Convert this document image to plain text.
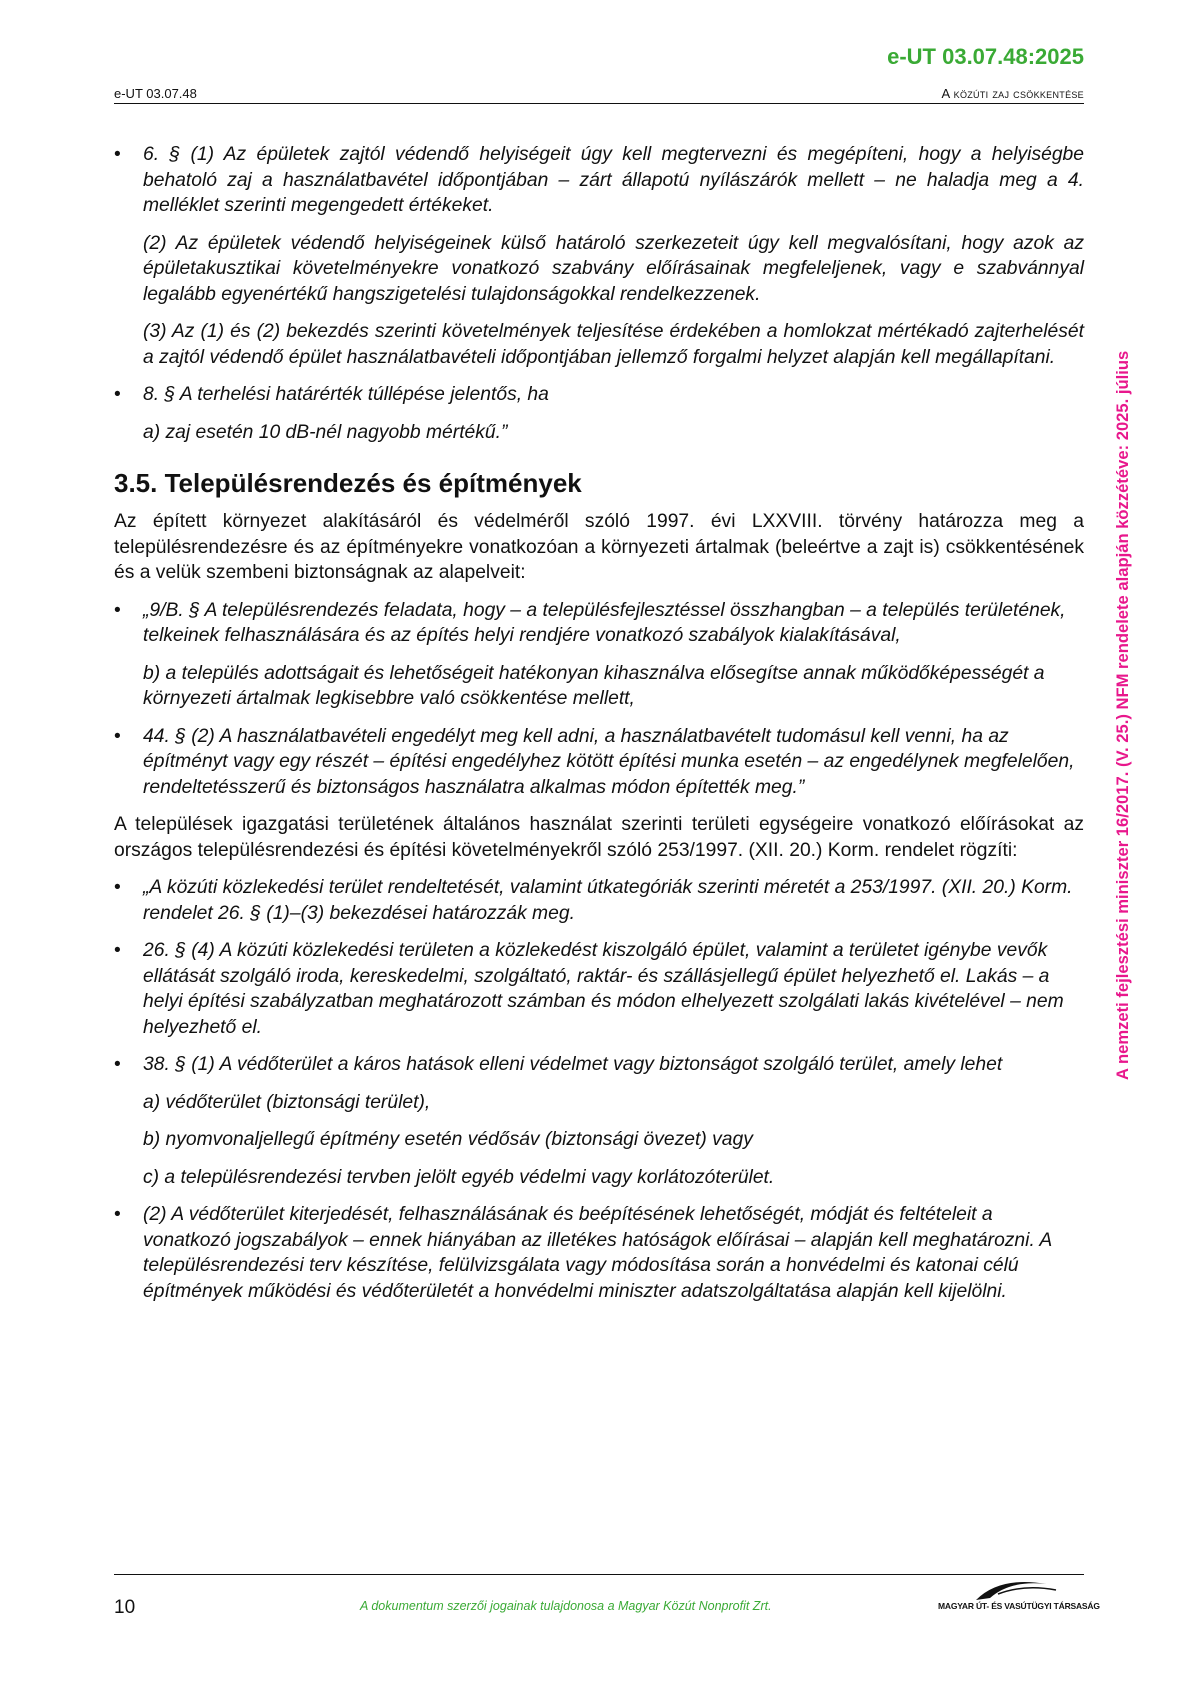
e-UT 03.07.48:2025
e-UT 03.07.48	A közúti zaj csökkentése
A nemzeti fejlesztési miniszter 16/2017. (V. 25.) NFM rendelete alapján közzétéve: 2025. július
• 6. § (1) Az épületek zajtól védendő helyiségeit úgy kell megtervezni és megépíteni, hogy a helyiségbe behatoló zaj a használatbavétel időpontjában – zárt állapotú nyílászárók mellett – ne haladja meg a 4. melléklet szerinti megengedett értékeket.

(2) Az épületek védendő helyiségeinek külső határoló szerkezeteit úgy kell megvalósítani, hogy azok az épületakusztikai követelményekre vonatkozó szabvány előírásainak megfeleljenek, vagy e szabvánnyal legalább egyenértékű hangszigetelési tulajdonságokkal rendelkezzenek.

(3) Az (1) és (2) bekezdés szerinti követelmények teljesítése érdekében a homlokzat mértékadó zajterhelését a zajtól védendő épület használatbavételi időpontjában jellemző forgalmi helyzet alapján kell megállapítani.

• 8. § A terhelési határérték túllépése jelentős, ha

a) zaj esetén 10 dB-nél nagyobb mértékű.”

3.5. Településrendezés és építmények

Az épített környezet alakításáról és védelméről szóló 1997. évi LXXVIII. törvény határozza meg a településrendezésre és az építményekre vonatkozóan a környezeti ártalmak (beleértve a zajt is) csökkentésének és a velük szembeni biztonságnak az alapelveit:

• „9/B. § A településrendezés feladata, hogy – a településfejlesztéssel összhangban – a település területének, telkeinek felhasználására és az építés helyi rendjére vonatkozó szabályok kialakításával,

b) a település adottságait és lehetőségeit hatékonyan kihasználva elősegítse annak működőképességét a környezeti ártalmak legkisebbre való csökkentése mellett,

• 44. § (2) A használatbavételi engedélyt meg kell adni, a használatbavételt tudomásul kell venni, ha az építményt vagy egy részét – építési engedélyhez kötött építési munka esetén – az engedélynek megfelelően, rendeltetésszerű és biztonságos használatra alkalmas módon építették meg.”

A települések igazgatási területének általános használat szerinti területi egységeire vonatkozó előírásokat az országos településrendezési és építési követelményekről szóló 253/1997. (XII. 20.) Korm. rendelet rögzíti:

• „A közúti közlekedési terület rendeltetését, valamint útkategóriák szerinti méretét a 253/1997. (XII. 20.) Korm. rendelet 26. § (1)–(3) bekezdései határozzák meg.
• 26. § (4) A közúti közlekedési területen a közlekedést kiszolgáló épület, valamint a területet igénybe vevők ellátását szolgáló iroda, kereskedelmi, szolgáltató, raktár- és szállásjellegű épület helyezhető el. Lakás – a helyi építési szabályzatban meghatározott számban és módon elhelyezett szolgálati lakás kivételével – nem helyezhető el.
• 38. § (1) A védőterület a káros hatások elleni védelmet vagy biztonságot szolgáló terület, amely lehet

a) védőterület (biztonsági terület),

b) nyomvonaljellegű építmény esetén védősáv (biztonsági övezet) vagy

c) a településrendezési tervben jelölt egyéb védelmi vagy korlátozóterület.

• (2) A védőterület kiterjedését, felhasználásának és beépítésének lehetőségét, módját és feltételeit a vonatkozó jogszabályok – ennek hiányában az illetékes hatóságok előírásai – alapján kell meghatározni. A településrendezési terv készítése, felülvizsgálata vagy módosítása során a honvédelmi és katonai célú építmények működési és védőterületét a honvédelmi miniszter adatszolgáltatása alapján kell kijelölni.
10	A dokumentum szerzői jogainak tulajdonosa a Magyar Közút Nonprofit Zrt.	MAGYAR ÚT- ÉS VASÚTÜGYI TÁRSASÁG
